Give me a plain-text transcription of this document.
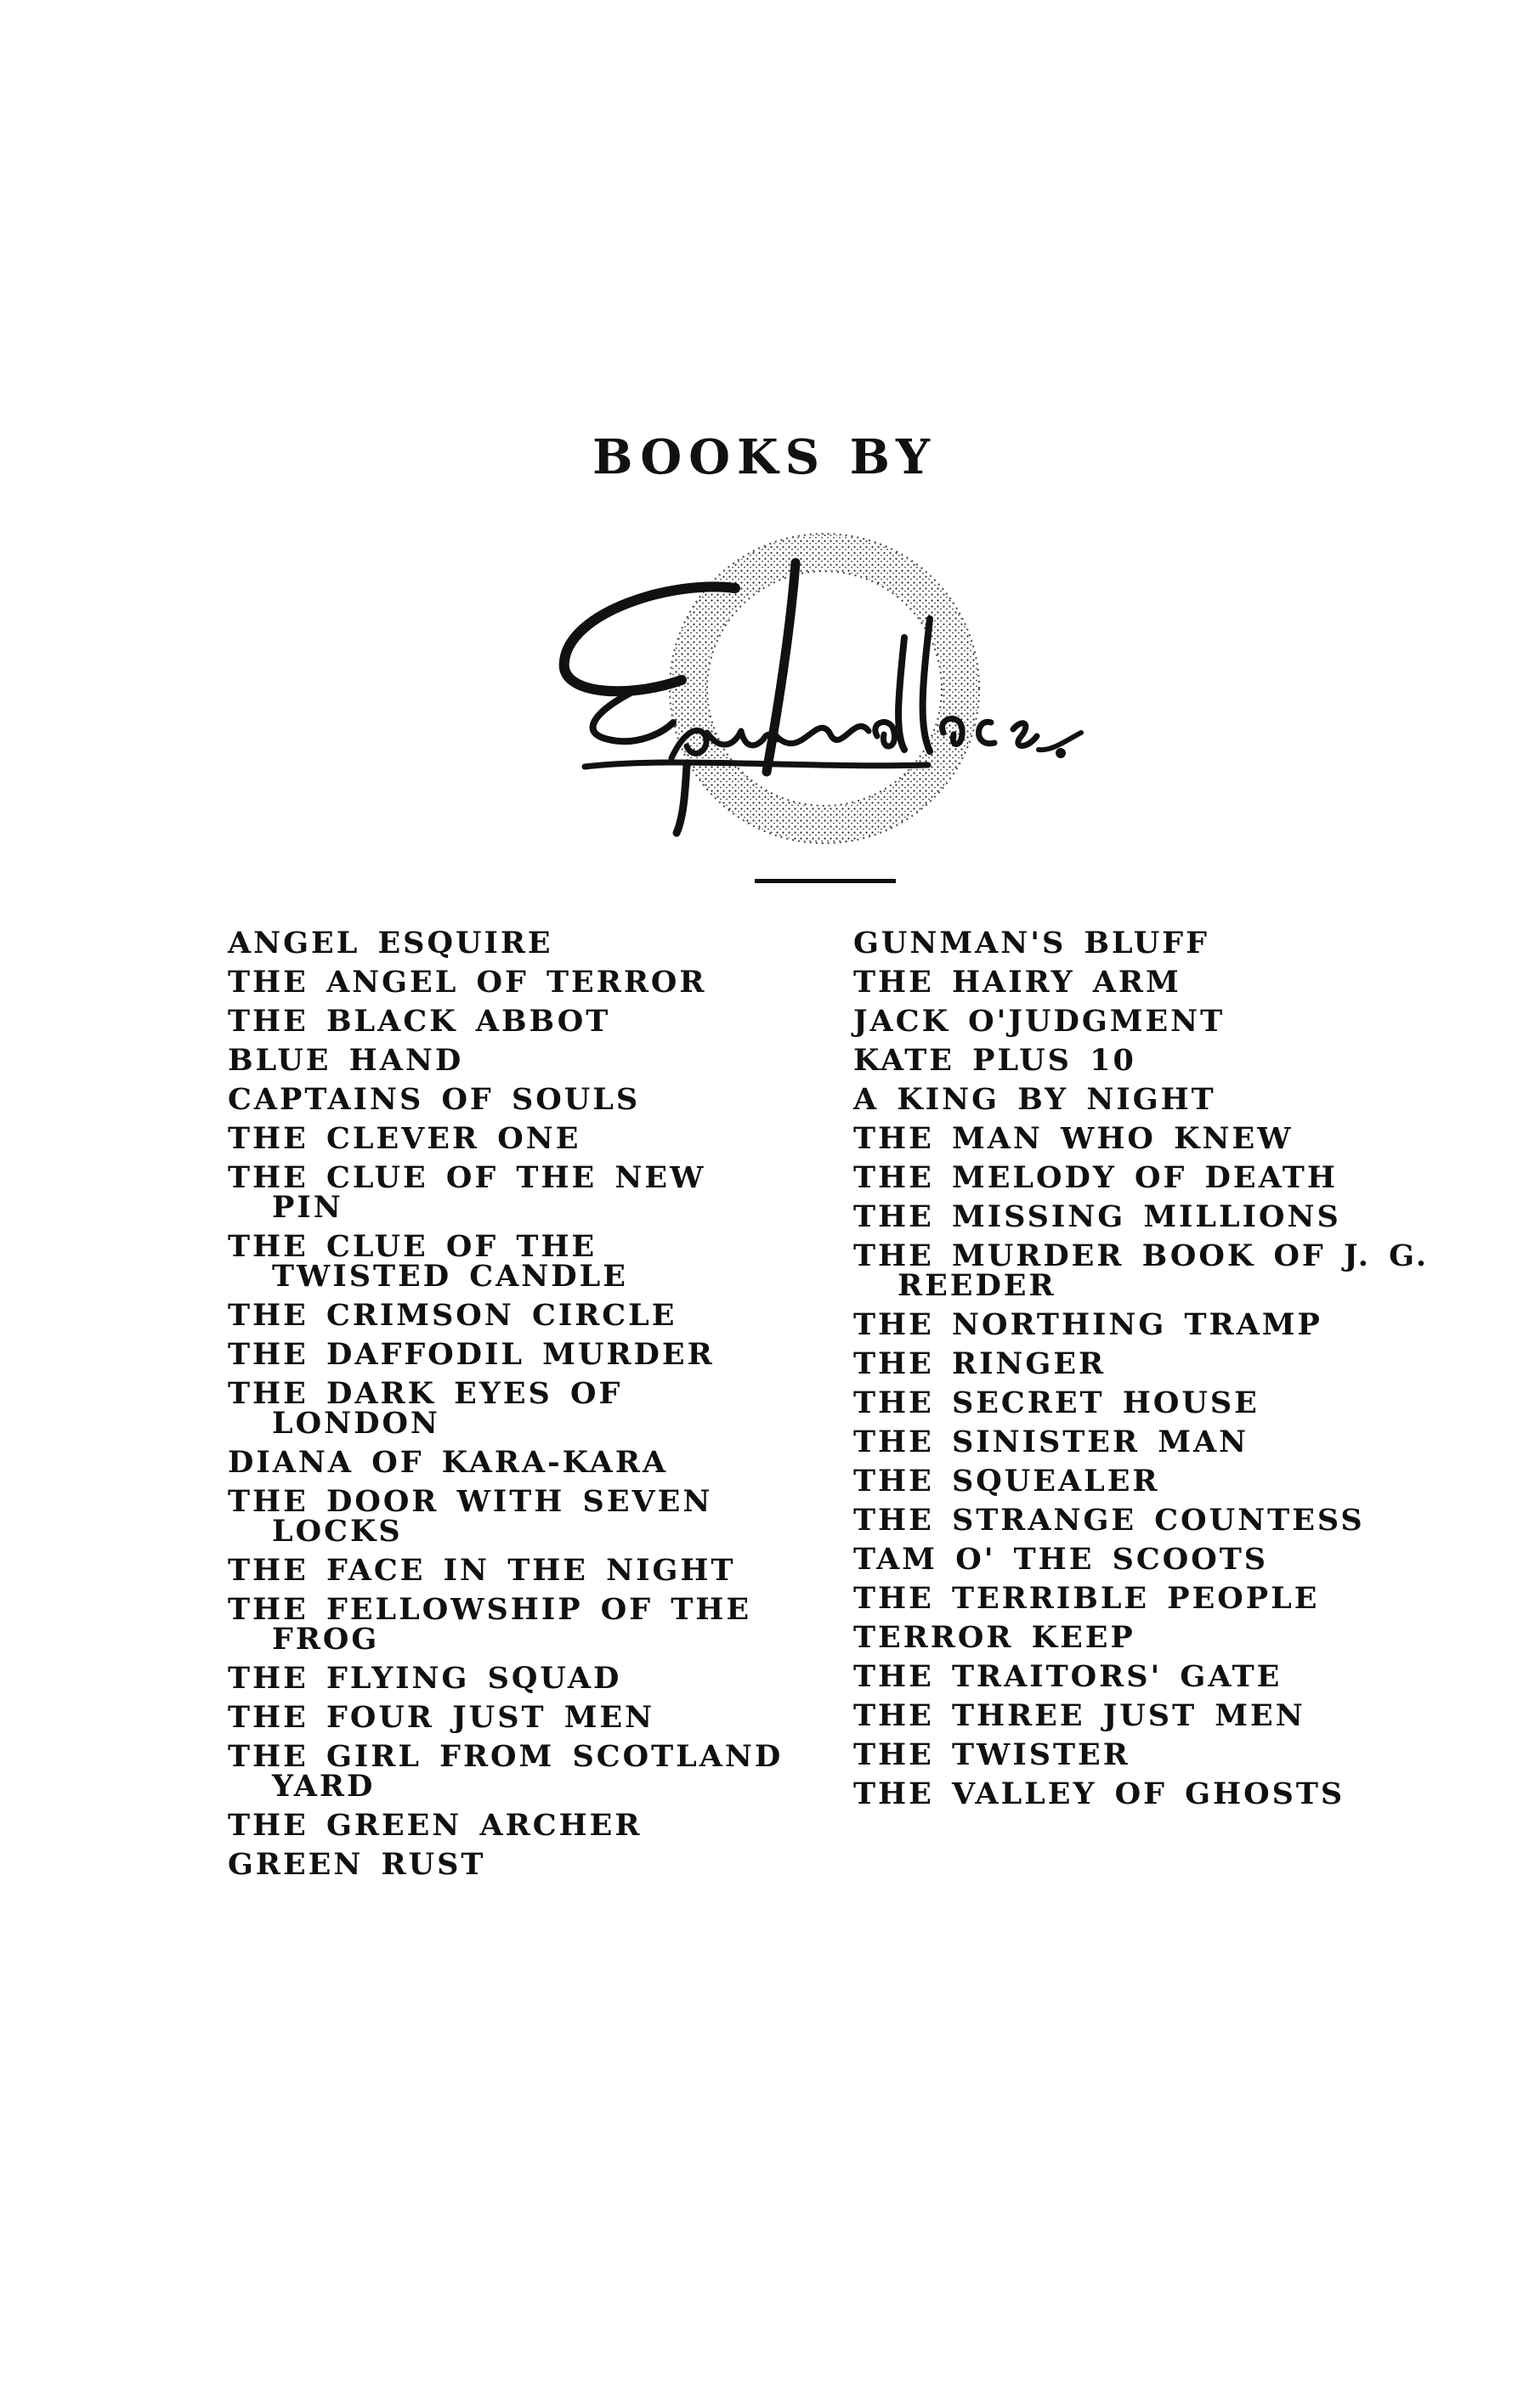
BOOKS BY
ANGEL ESQUIRE
THE ANGEL OF TERROR
THE BLACK ABBOT
BLUE HAND
CAPTAINS OF SOULS
THE CLEVER ONE
THE CLUE OF THE NEW PIN
THE CLUE OF THE TWISTED CANDLE
THE CRIMSON CIRCLE
THE DAFFODIL MURDER
THE DARK EYES OF LONDON
DIANA OF KARA-KARA
THE DOOR WITH SEVEN LOCKS
THE FACE IN THE NIGHT
THE FELLOWSHIP OF THE FROG
THE FLYING SQUAD
THE FOUR JUST MEN
THE GIRL FROM SCOTLAND YARD
THE GREEN ARCHER
GREEN RUST
GUNMAN'S BLUFF
THE HAIRY ARM
JACK O'JUDGMENT
KATE PLUS 10
A KING BY NIGHT
THE MAN WHO KNEW
THE MELODY OF DEATH
THE MISSING MILLIONS
THE MURDER BOOK OF J. G. REEDER
THE NORTHING TRAMP
THE RINGER
THE SECRET HOUSE
THE SINISTER MAN
THE SQUEALER
THE STRANGE COUNTESS
TAM O' THE SCOOTS
THE TERRIBLE PEOPLE
TERROR KEEP
THE TRAITORS' GATE
THE THREE JUST MEN
THE TWISTER
THE VALLEY OF GHOSTS
